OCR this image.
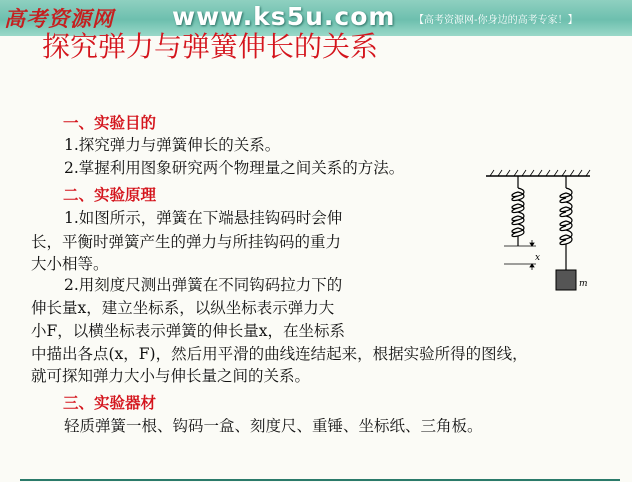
高考资源网 www.ks5u.com 【高考资源网-你身边的高考专家！】
探究弹力与弹簧伸长的关系
一、实验目的
1.探究弹力与弹簧伸长的关系。
2.掌握利用图象研究两个物理量之间关系的方法。
二、实验原理
1.如图所示，弹簧在下端悬挂钩码时会伸
长，平衡时弹簧产生的弹力与所挂钩码的重力
大小相等。
2.用刻度尺测出弹簧在不同钩码拉力下的
伸长量x，建立坐标系，以纵坐标表示弹力大
小F，以横坐标表示弹簧的伸长量x，在坐标系
中描出各点(x，F)，然后用平滑的曲线连结起来，根据实验所得的图线，
就可探知弹力大小与伸长量之间的关系。
三、实验器材
轻质弹簧一根、钩码一盒、刻度尺、重锤、坐标纸、三角板。
x
m
